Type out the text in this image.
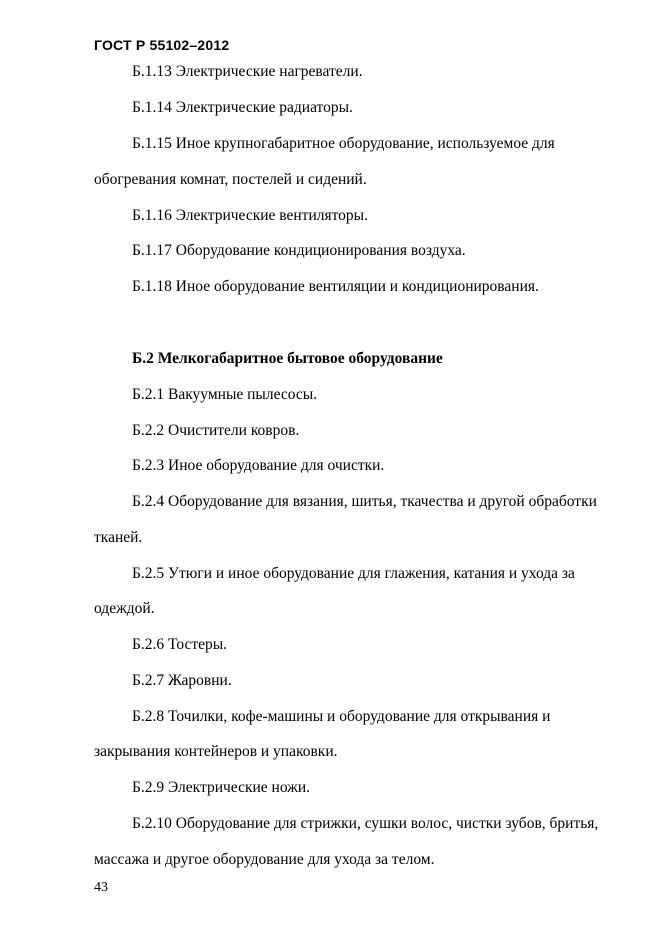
ГОСТ Р 55102–2012
Б.1.13 Электрические нагреватели.
Б.1.14 Электрические радиаторы.
Б.1.15 Иное крупногабаритное оборудование, используемое для
обогревания комнат, постелей и сидений.
Б.1.16 Электрические вентиляторы.
Б.1.17 Оборудование кондиционирования воздуха.
Б.1.18 Иное оборудование вентиляции и кондиционирования.
Б.2 Мелкогабаритное бытовое оборудование
Б.2.1 Вакуумные пылесосы.
Б.2.2 Очистители ковров.
Б.2.3 Иное оборудование для очистки.
Б.2.4 Оборудование для вязания, шитья, ткачества и другой обработки
тканей.
Б.2.5 Утюги и иное оборудование для глажения, катания и ухода за
одеждой.
Б.2.6 Тостеры.
Б.2.7 Жаровни.
Б.2.8 Точилки, кофе-машины и оборудование для открывания и
закрывания контейнеров и упаковки.
Б.2.9 Электрические ножи.
Б.2.10 Оборудование для стрижки, сушки волос, чистки зубов, бритья,
массажа и другое оборудование для ухода за телом.
43
